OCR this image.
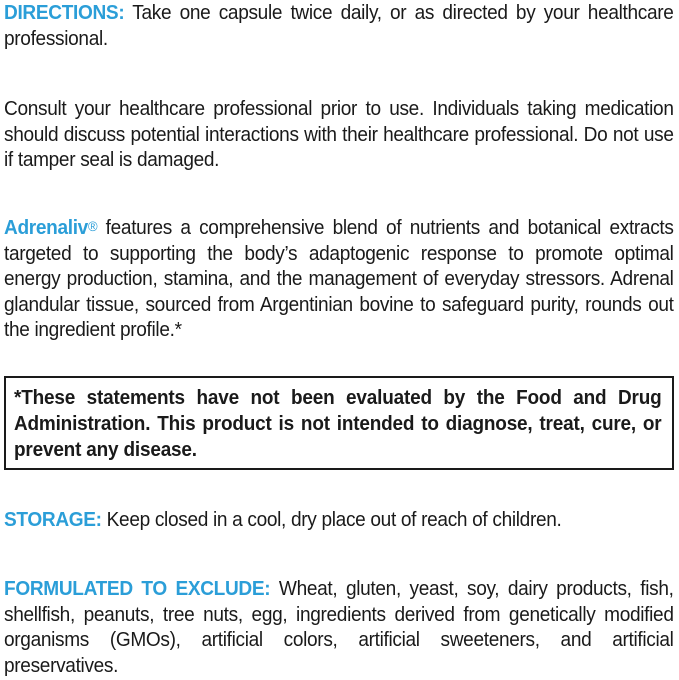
DIRECTIONS: Take one capsule twice daily, or as directed by your healthcare professional.
Consult your healthcare professional prior to use. Individuals taking medication should discuss potential interactions with their healthcare professional. Do not use if tamper seal is damaged.
Adrenaliv® features a comprehensive blend of nutrients and botanical extracts targeted to supporting the body’s adaptogenic response to promote optimal energy production, stamina, and the management of everyday stressors. Adrenal glandular tissue, sourced from Argentinian bovine to safeguard purity, rounds out the ingredient profile.*
*These statements have not been evaluated by the Food and Drug Administration. This product is not intended to diagnose, treat, cure, or prevent any disease.
STORAGE: Keep closed in a cool, dry place out of reach of children.
FORMULATED TO EXCLUDE: Wheat, gluten, yeast, soy, dairy products, fish, shellfish, peanuts, tree nuts, egg, ingredients derived from genetically modified organisms (GMOs), artificial colors, artificial sweeteners, and artificial preservatives.
